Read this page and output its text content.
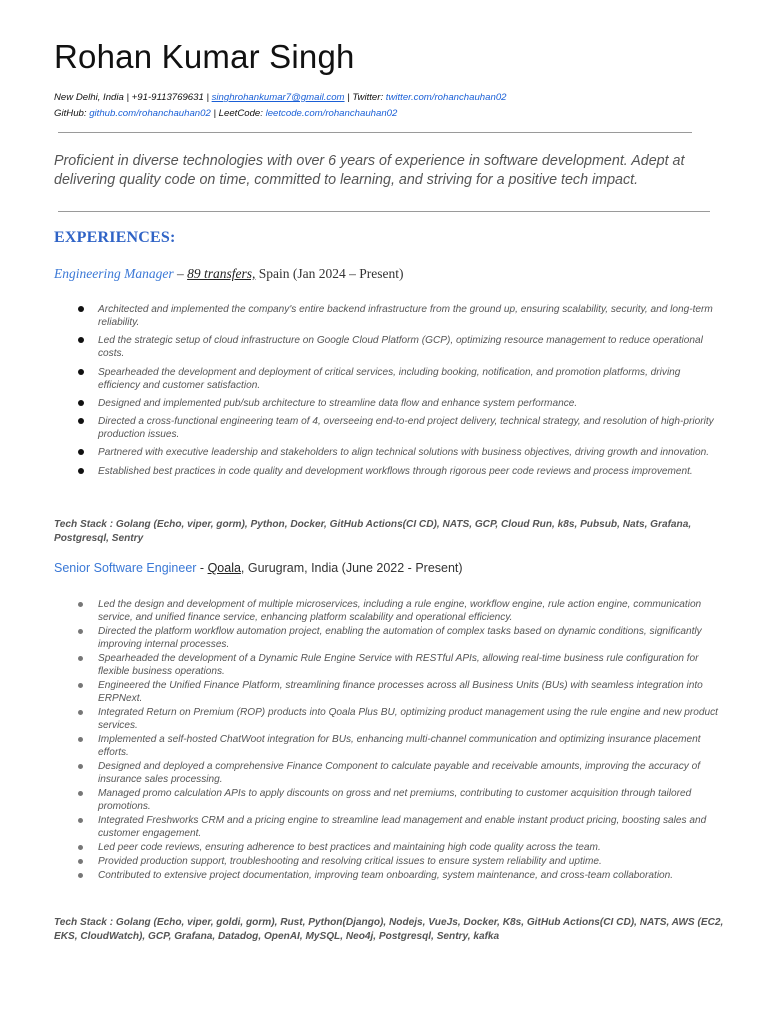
Rohan Kumar Singh
New Delhi, India | +91-9113769631 | singhrohankumar7@gmail.com | Twitter: twitter.com/rohanchauhan02
GitHub: github.com/rohanchauhan02 | LeetCode: leetcode.com/rohanchauhan02
Proficient in diverse technologies with over 6 years of experience in software development. Adept at delivering quality code on time, committed to learning, and striving for a positive tech impact.
EXPERIENCES:
Engineering Manager – 89 transfers, Spain (Jan 2024 – Present)
Architected and implemented the company's entire backend infrastructure from the ground up, ensuring scalability, security, and long-term reliability.
Led the strategic setup of cloud infrastructure on Google Cloud Platform (GCP), optimizing resource management to reduce operational costs.
Spearheaded the development and deployment of critical services, including booking, notification, and promotion platforms, driving efficiency and customer satisfaction.
Designed and implemented pub/sub architecture to streamline data flow and enhance system performance.
Directed a cross-functional engineering team of 4, overseeing end-to-end project delivery, technical strategy, and resolution of high-priority production issues.
Partnered with executive leadership and stakeholders to align technical solutions with business objectives, driving growth and innovation.
Established best practices in code quality and development workflows through rigorous peer code reviews and process improvement.
Tech Stack : Golang (Echo, viper, gorm), Python, Docker, GitHub Actions(CI CD), NATS, GCP, Cloud Run, k8s, Pubsub, Nats, Grafana, Postgresql, Sentry
Senior Software Engineer - Qoala, Gurugram, India (June 2022 - Present)
Led the design and development of multiple microservices, including a rule engine, workflow engine, rule action engine, communication service, and unified finance service, enhancing platform scalability and operational efficiency.
Directed the platform workflow automation project, enabling the automation of complex tasks based on dynamic conditions, significantly improving internal processes.
Spearheaded the development of a Dynamic Rule Engine Service with RESTful APIs, allowing real-time business rule configuration for flexible business operations.
Engineered the Unified Finance Platform, streamlining finance processes across all Business Units (BUs) with seamless integration into ERPNext.
Integrated Return on Premium (ROP) products into Qoala Plus BU, optimizing product management using the rule engine and new product services.
Implemented a self-hosted ChatWoot integration for BUs, enhancing multi-channel communication and optimizing insurance placement efforts.
Designed and deployed a comprehensive Finance Component to calculate payable and receivable amounts, improving the accuracy of insurance sales processing.
Managed promo calculation APIs to apply discounts on gross and net premiums, contributing to customer acquisition through tailored promotions.
Integrated Freshworks CRM and a pricing engine to streamline lead management and enable instant product pricing, boosting sales and customer engagement.
Led peer code reviews, ensuring adherence to best practices and maintaining high code quality across the team.
Provided production support, troubleshooting and resolving critical issues to ensure system reliability and uptime.
Contributed to extensive project documentation, improving team onboarding, system maintenance, and cross-team collaboration.
Tech Stack : Golang (Echo, viper, goldi, gorm), Rust, Python(Django), Nodejs, VueJs, Docker, K8s, GitHub Actions(CI CD), NATS, AWS (EC2, EKS, CloudWatch), GCP, Grafana, Datadog, OpenAI, MySQL, Neo4j, Postgresql, Sentry, kafka
